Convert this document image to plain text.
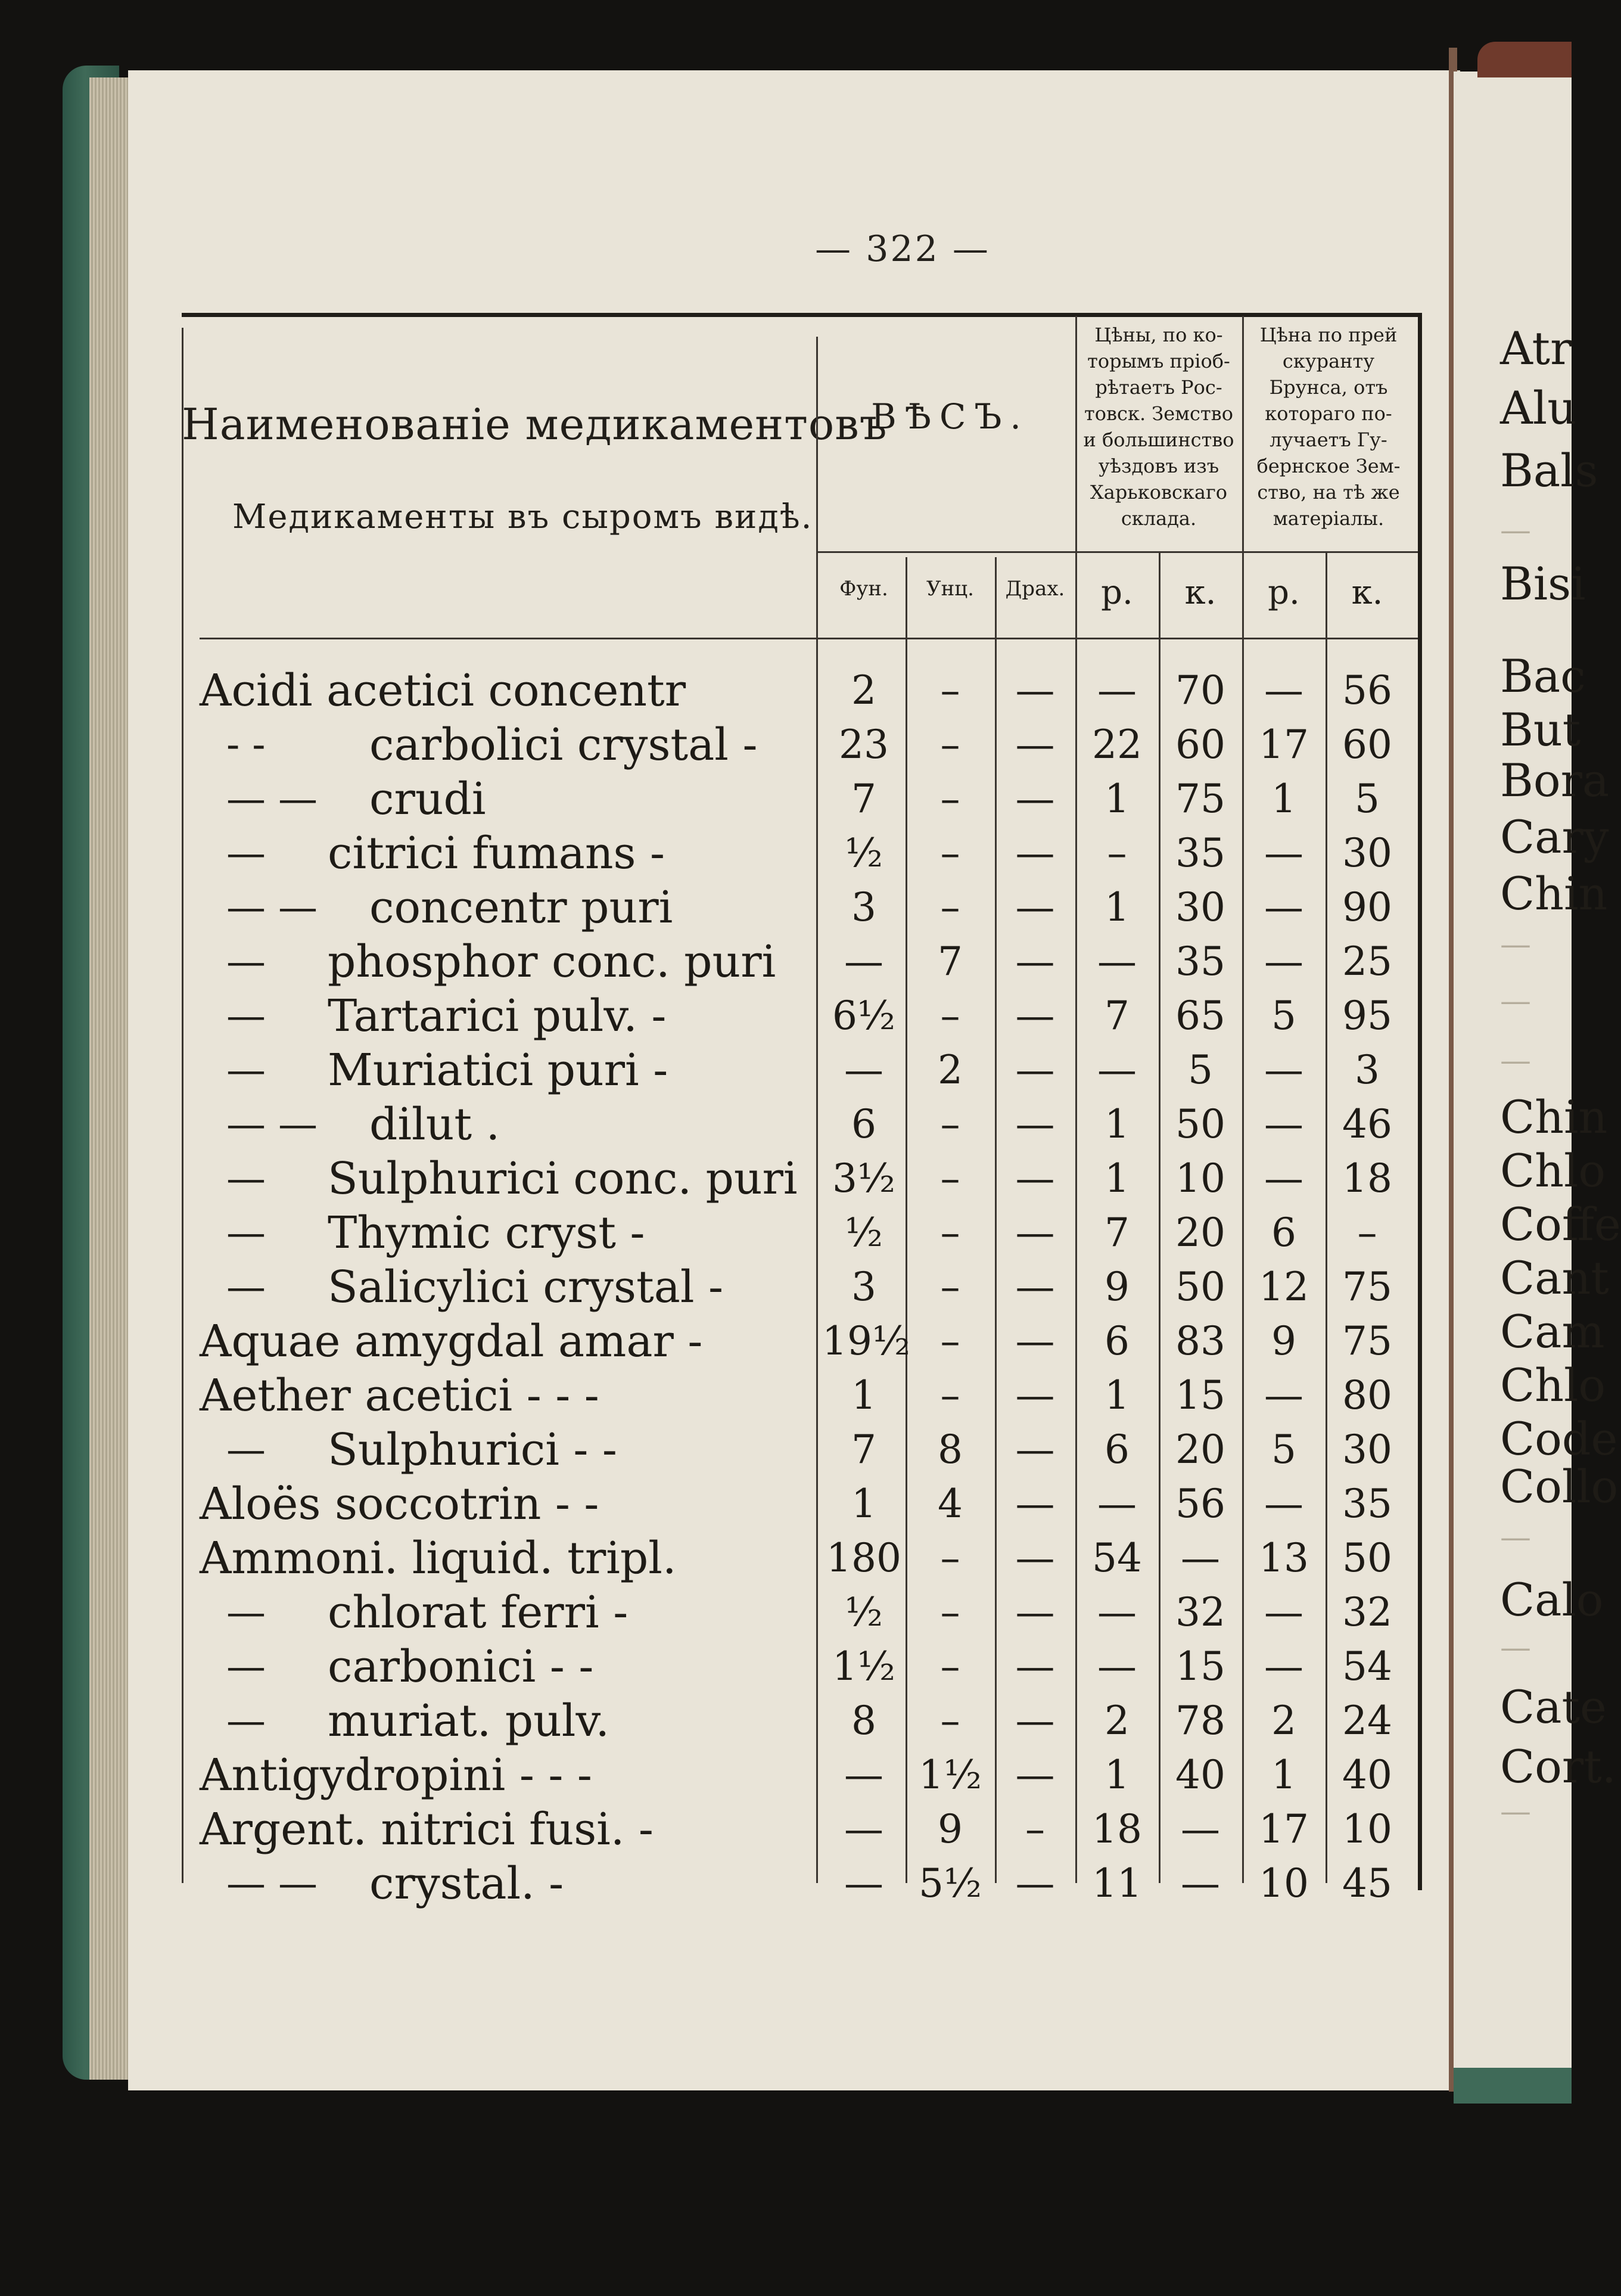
— 322 —
Atr
Alu
Bals
—
Bisi
Bac
But
Bora
Cary
Chin
—
—
—
Chin
Chlo
Coffe
Cant
Cam
Chlo
Code
Collo
—
Calo
—
Cate
Cort.
—
Наименованіе медикаментовъ
Медикаменты въ сыромъ видѣ.
ВѢСЪ.
Цѣны, по ко-
торымъ пріоб-
рѣтаетъ Рос-
товск. Земство
и большинство
уѣздовъ изъ
Харьковскаго
склада.
Цѣна по прей
скуранту
Брунса, отъ
котораго по-
лучаетъ Гу-
бернское Зем-
ство, на тѣ же
матеріалы.
Фун.	Унц.	Драх.	р.	к.	р.	к.
Acidi acetici concentr	2	–	—	— 70 — 56
- -	carbolici crystal -	23	–	— 22 60 17 60
— — crudi	7	–	—	1	75	1	5
—	citrici fumans -	½	–	—	–	35 — 30
— — concentr puri	3	–	—	1	30 — 90
—	phosphor conc. puri	—	7	—	— 35 — 25
—	Tartarici pulv. -	6½	–	—	7	65	5	95
—	Muriatici puri -	—	2	—	—	5	—	3
— — dilut .	6	–	—	1	50 — 46
—	Sulphurici conc. puri 3½	–	—	1	10 — 18
—	Thymic cryst -	½	–	—	7	20	6	–
—	Salicylici crystal -	3	–	—	9	50 12 75
Aquae amygdal amar -	19½ –	—	6	83	9	75
Aether acetici - - -	1	–	—	1	15 — 80
—	Sulphurici - -	7	8	—	6	20	5	30
Aloës soccotrin - -	1	4	—	— 56 — 35
Ammoni. liquid. tripl.	180 –	— 54 — 13 50
—	chlorat ferri -	½	–	—	— 32 — 32
—	carbonici - -	1½	–	—	— 15 — 54
—	muriat. pulv.	8	–	—	2	78	2	24
Antigydropini - - -	— 1½ —	1	40	1	40
Argent. nitrici fusi. -	—	9	–	18 — 17 10
— — crystal. -	— 5½ — 11 — 10 45
